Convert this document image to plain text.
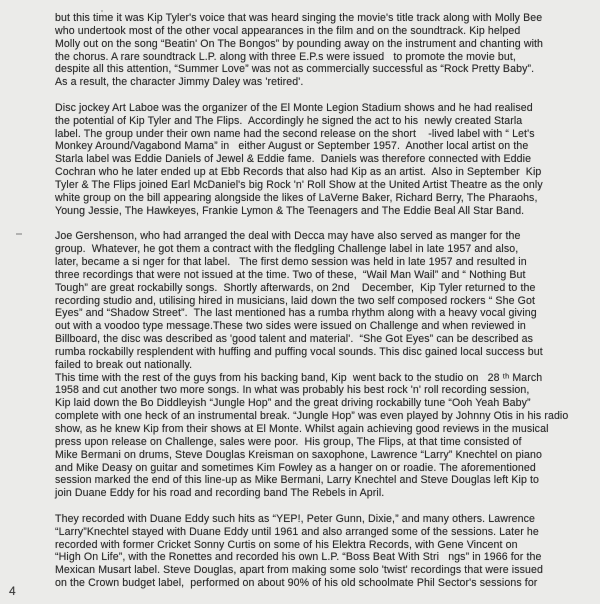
but this time it was Kip Tyler's voice that was heard singing the movie's title track along with Molly Bee
who undertook most of the other vocal appearances in the film and on the soundtrack. Kip helped
Molly out on the song “Beatin' On The Bongos” by pounding away on the instrument and chanting with
the chorus. A rare soundtrack L.P. along with three E.P.s were issued   to promote the movie but,
despite all this attention, “Summer Love” was not as commercially successful as “Rock Pretty Baby”.
As a result, the character Jimmy Daley was 'retired'.
Disc jockey Art Laboe was the organizer of the El Monte Legion Stadium shows and he had realised
the potential of Kip Tyler and The Flips.  Accordingly he signed the act to his  newly created Starla
label. The group under their own name had the second release on the short    -lived label with “ Let's
Monkey Around/Vagabond Mama” in   either August or September 1957.  Another local artist on the
Starla label was Eddie Daniels of Jewel & Eddie fame.  Daniels was therefore connected with Eddie
Cochran who he later ended up at Ebb Records that also had Kip as an artist.  Also in September  Kip
Tyler & The Flips joined Earl McDaniel's big Rock 'n' Roll Show at the United Artist Theatre as the only
white group on the bill appearing alongside the likes of LaVerne Baker, Richard Berry, The Pharaohs,
Young Jessie, The Hawkeyes, Frankie Lymon & The Teenagers and The Eddie Beal All Star Band.
Joe Gershenson, who had arranged the deal with Decca may have also served as manger for the
group.  Whatever, he got them a contract with the fledgling Challenge label in late 1957 and also,
later, became a si nger for that label.   The first demo session was held in late 1957 and resulted in
three recordings that were not issued at the time. Two of these,  “Wail Man Wail” and “ Nothing But
Tough” are great rockabilly songs.  Shortly afterwards, on 2nd    December,  Kip Tyler returned to the
recording studio and, utilising hired in musicians, laid down the two self composed rockers “ She Got
Eyes” and “Shadow Street”.  The last mentioned has a rumba rhythm along with a heavy vocal giving
out with a voodoo type message.These two sides were issued on Challenge and when reviewed in
Billboard, the disc was described as 'good talent and material'.  “She Got Eyes” can be described as
rumba rockabilly resplendent with huffing and puffing vocal sounds. This disc gained local success but
failed to break out nationally.
This time with the rest of the guys from his backing band, Kip  went back to the studio on   28 ᵗʰ March
1958 and cut another two more songs. In what was probably his best rock 'n' roll recording session,
Kip laid down the Bo Diddleyish “Jungle Hop” and the great driving rockabilly tune “Ooh Yeah Baby”
complete with one heck of an instrumental break. “Jungle Hop” was even played by Johnny Otis in his radio
show, as he knew Kip from their shows at El Monte. Whilst again achieving good reviews in the musical
press upon release on Challenge, sales were poor.  His group, The Flips, at that time consisted of
Mike Bermani on drums, Steve Douglas Kreisman on saxophone, Lawrence “Larry” Knechtel on piano
and Mike Deasy on guitar and sometimes Kim Fowley as a hanger on or roadie. The aforementioned
session marked the end of this line-up as Mike Bermani, Larry Knechtel and Steve Douglas left Kip to
join Duane Eddy for his road and recording band The Rebels in April.
They recorded with Duane Eddy such hits as “YEP!, Peter Gunn, Dixie,” and many others. Lawrence
“Larry”Knechtel stayed with Duane Eddy until 1961 and also arranged some of the sessions. Later he
recorded with former Cricket Sonny Curtis on some of his Elektra Records, with Gene Vincent on
“High On Life”, with the Ronettes and recorded his own L.P. “Boss Beat With Stri   ngs” in 1966 for the
Mexican Musart label. Steve Douglas, apart from making some solo 'twist' recordings that were issued
on the Crown budget label,  performed on about 90% of his old schoolmate Phil Sector's sessions for
4
